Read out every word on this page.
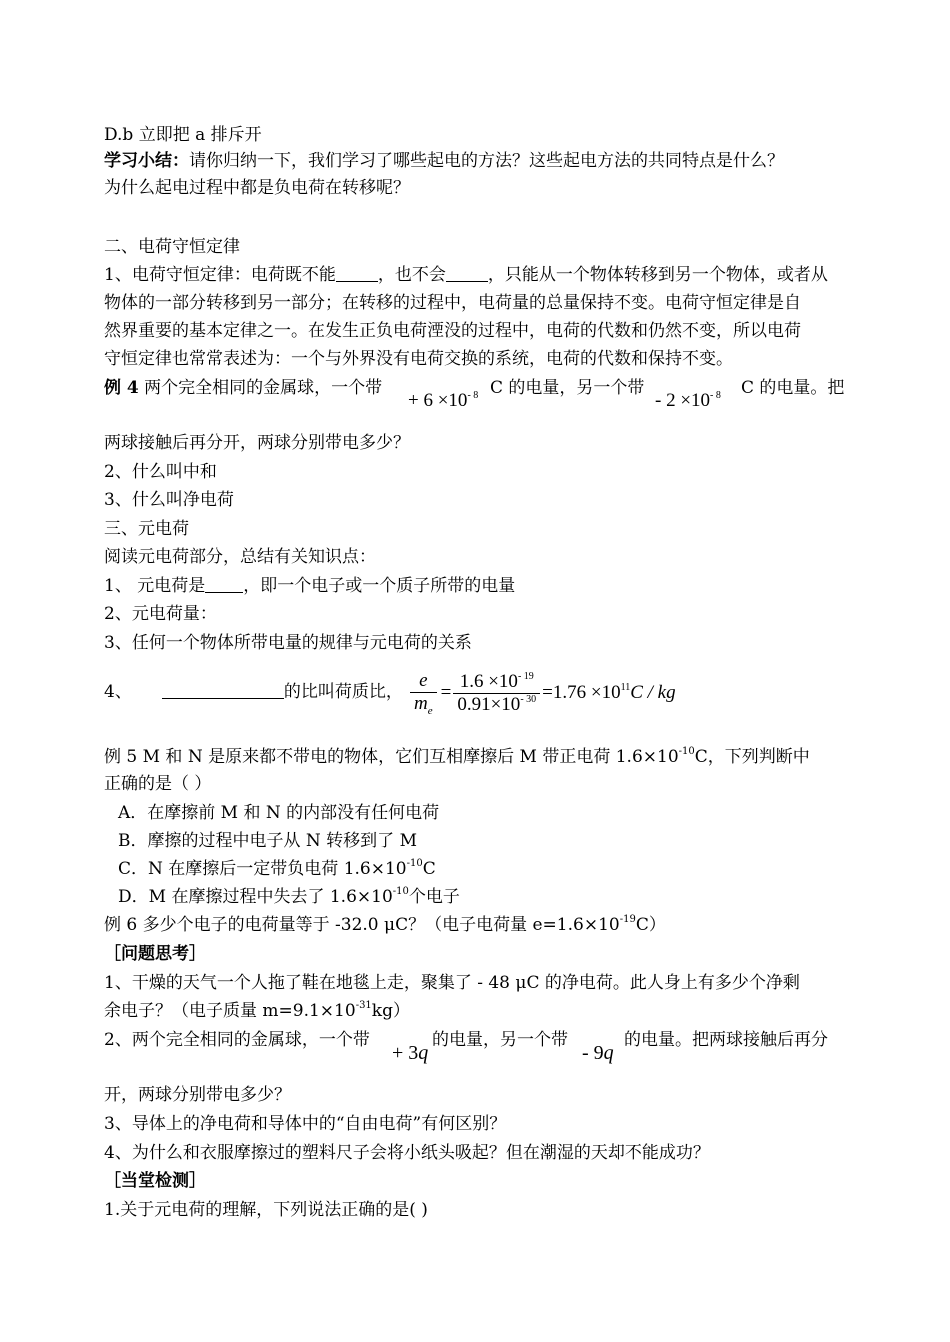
D.b 立即把 a 排斥开
学习小结：请你归纳一下，我们学习了哪些起电的方法？这些起电方法的共同特点是什么？
为什么起电过程中都是负电荷在转移呢？
二、电荷守恒定律
1、电荷守恒定律：电荷既不能 ，也不会 ，只能从一个物体转移到另一个物体，或者从
物体的一部分转移到另一部分；在转移的过程中，电荷量的总量保持不变。电荷守恒定律是自
然界重要的基本定律之一。在发生正负电荷湮没的过程中，电荷的代数和仍然不变，所以电荷
守恒定律也常常表述为：一个与外界没有电荷交换的系统，电荷的代数和保持不变。
例 4 两个完全相同的金属球，一个带
+ $6 \times 10^{- 8}$ C 的电量，另一个带
- $2 \times 10^{- 8}$ C 的电量。把
两球接触后再分开，两球分别带电多少？
2、什么叫中和
3、什么叫净电荷
三、元电荷
阅读元电荷部分，总结有关知识点：
1、 元电荷是 ，即一个电子或一个质子所带的电量
2、元电荷量：
3、任何一个物体所带电量的规律与元电荷的关系
4、	的比叫荷质比， $\frac{e}{m_e} = \frac{1.6 \times 10^{- 19}}{0.91\times 10^{- 30}} =1.76 \times 10^{11}C$ / kg
例 5 M 和 N 是原来都不带电的物体，它们互相摩擦后 M 带正电荷 $1.6\times 10^{-10}C$，下列判断中
正确的是（ ）
A．在摩擦前 M 和 N 的内部没有任何电荷
B．摩擦的过程中电子从 N 转移到了 M
C．N 在摩擦后一定带负电荷 $1.6\times 10^{-10}C$
D．M 在摩擦过程中失去了 $1.6\times 10^{-10}$个电子
例 6 多少个电子的电荷量等于 -32.0 μC？（电子电荷量 $e=1.6\times 10^{-19}C$）
［问题思考］
1、干燥的天气一个人拖了鞋在地毯上走，聚集了 - 48 μC 的净电荷。此人身上有多少个净剩
余电子？（电子质量 $m=9.1\times 10^{-31}kg$）
2、两个完全相同的金属球，一个带
+ 3q
的电量，另一个带
- 9q
的电量。把两球接触后再分
开，两球分别带电多少？
3、导体上的净电荷和导体中的“自由电荷”有何区别？
4、为什么和衣服摩擦过的塑料尺子会将小纸头吸起？但在潮湿的天却不能成功？
［当堂检测］
1.关于元电荷的理解，下列说法正确的是( )
